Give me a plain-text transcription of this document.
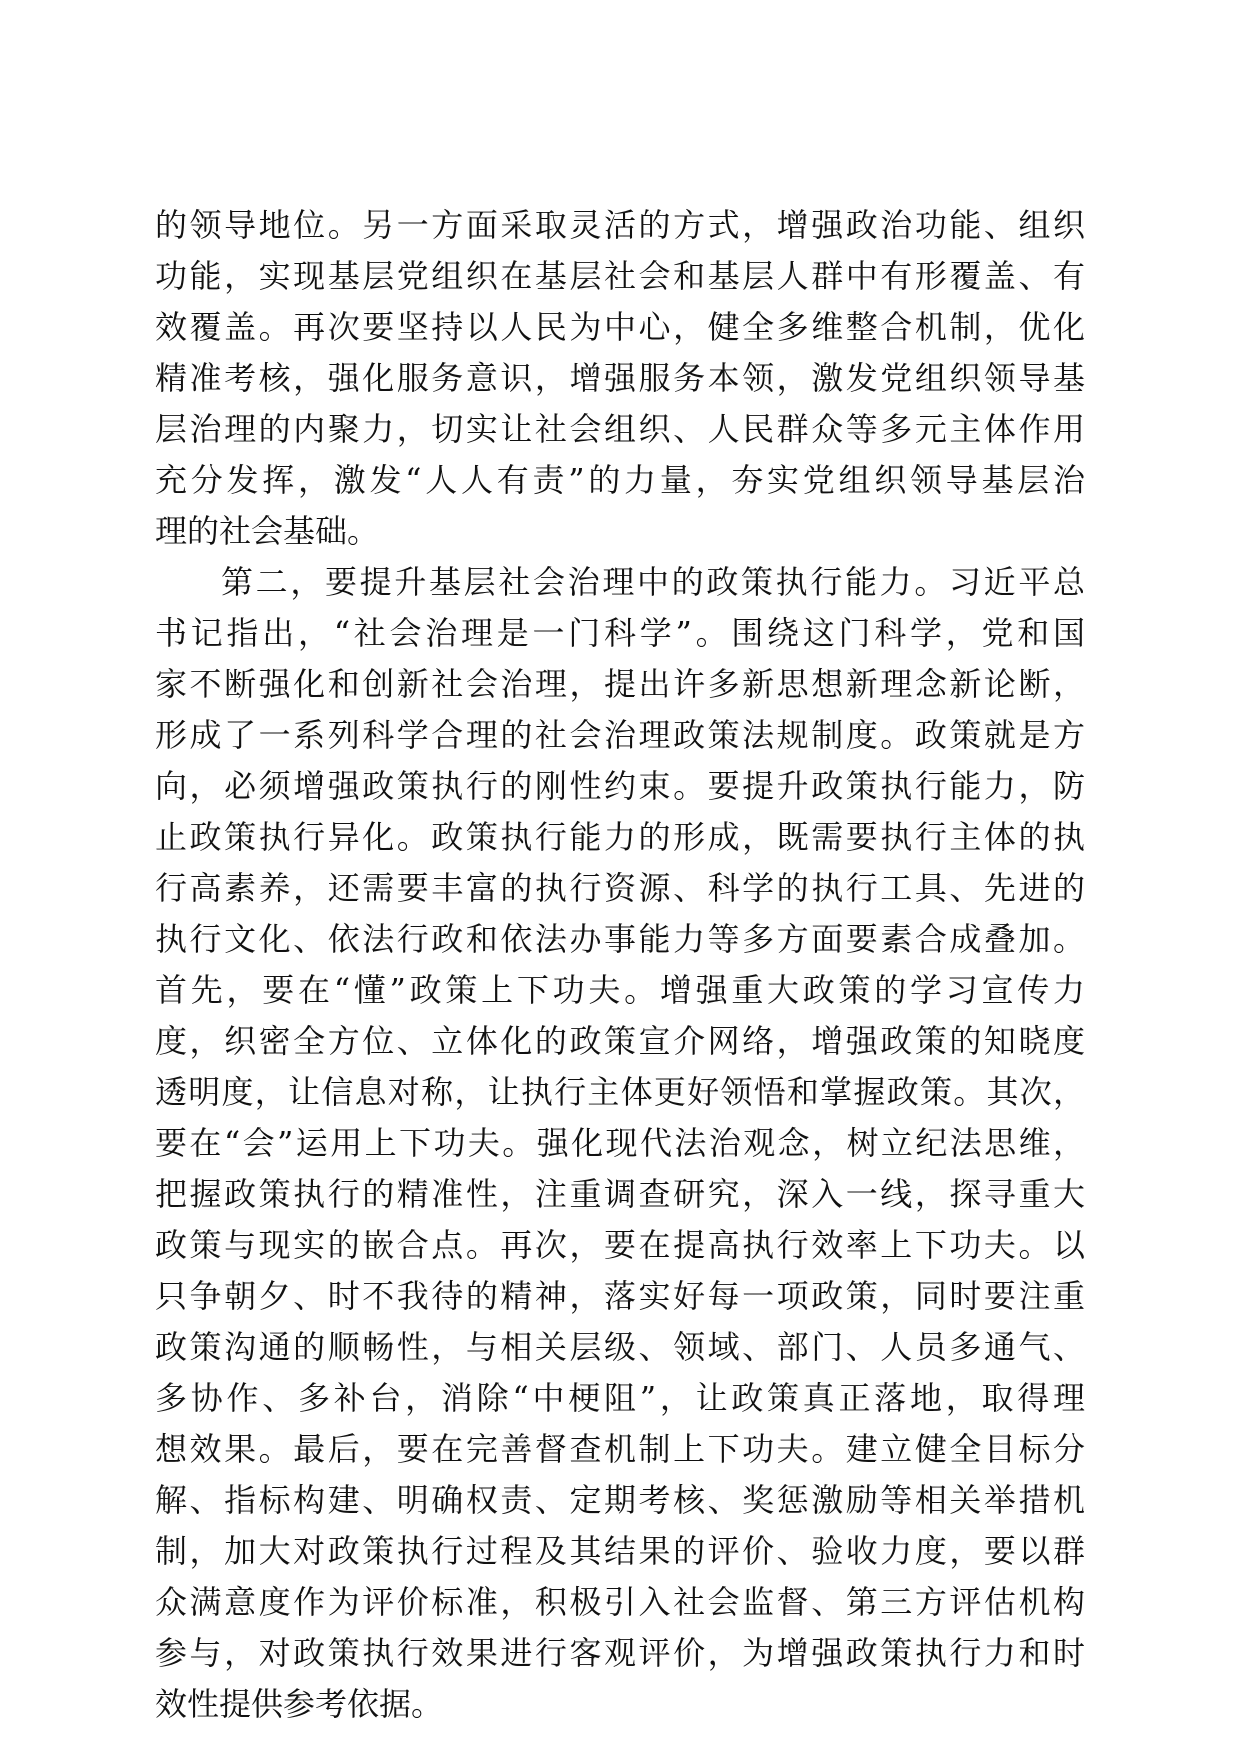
的领导地位。另一方面采取灵活的方式，增强政治功能、组织
功能，实现基层党组织在基层社会和基层人群中有形覆盖、有
效覆盖。再次要坚持以人民为中心，健全多维整合机制，优化
精准考核，强化服务意识，增强服务本领，激发党组织领导基
层治理的内聚力，切实让社会组织、人民群众等多元主体作用
充分发挥，激发“人人有责”的力量，夯实党组织领导基层治
理的社会基础。
第二，要提升基层社会治理中的政策执行能力。习近平总
书记指出，“社会治理是一门科学”。围绕这门科学，党和国
家不断强化和创新社会治理，提出许多新思想新理念新论断，
形成了一系列科学合理的社会治理政策法规制度。政策就是方
向，必须增强政策执行的刚性约束。要提升政策执行能力，防
止政策执行异化。政策执行能力的形成，既需要执行主体的执
行高素养，还需要丰富的执行资源、科学的执行工具、先进的
执行文化、依法行政和依法办事能力等多方面要素合成叠加。
首先，要在“懂”政策上下功夫。增强重大政策的学习宣传力
度，织密全方位、立体化的政策宣介网络，增强政策的知晓度
透明度，让信息对称，让执行主体更好领悟和掌握政策。其次，
要在“会”运用上下功夫。强化现代法治观念，树立纪法思维，
把握政策执行的精准性，注重调查研究，深入一线，探寻重大
政策与现实的嵌合点。再次，要在提高执行效率上下功夫。以
只争朝夕、时不我待的精神，落实好每一项政策，同时要注重
政策沟通的顺畅性，与相关层级、领域、部门、人员多通气、
多协作、多补台，消除“中梗阻”，让政策真正落地，取得理
想效果。最后，要在完善督查机制上下功夫。建立健全目标分
解、指标构建、明确权责、定期考核、奖惩激励等相关举措机
制，加大对政策执行过程及其结果的评价、验收力度，要以群
众满意度作为评价标准，积极引入社会监督、第三方评估机构
参与，对政策执行效果进行客观评价，为增强政策执行力和时
效性提供参考依据。
